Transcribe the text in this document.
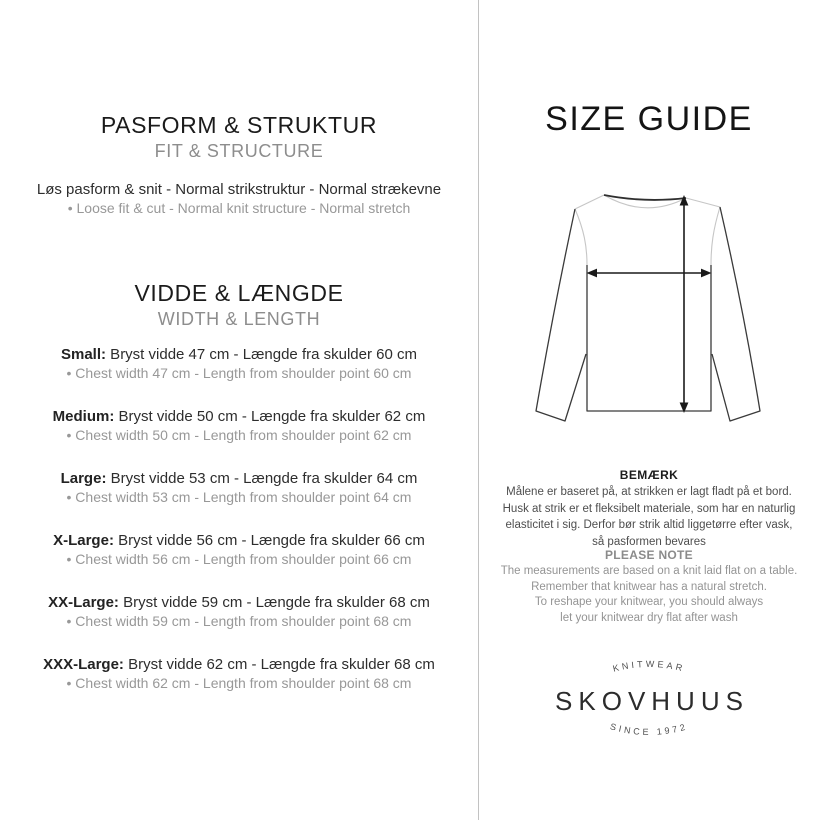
PASFORM & STRUKTUR
FIT & STRUCTURE
Løs pasform & snit - Normal strikstruktur - Normal strækevne
• Loose fit & cut - Normal knit structure - Normal stretch
VIDDE & LÆNGDE
WIDTH & LENGTH
Small: Bryst vidde 47 cm - Længde fra skulder 60 cm
• Chest width 47 cm - Length from shoulder point 60 cm
Medium: Bryst vidde 50 cm - Længde fra skulder 62 cm
• Chest width 50 cm - Length from shoulder point 62 cm
Large: Bryst vidde 53 cm - Længde fra skulder 64 cm
• Chest width 53 cm - Length from shoulder point 64 cm
X-Large: Bryst vidde 56 cm - Længde fra skulder 66 cm
• Chest width 56 cm - Length from shoulder point 66 cm
XX-Large: Bryst vidde 59 cm - Længde fra skulder 68 cm
• Chest width 59 cm - Length from shoulder point 68 cm
XXX-Large: Bryst vidde 62 cm - Længde fra skulder 68 cm
• Chest width 62 cm - Length from shoulder point 68 cm
SIZE GUIDE
BEMÆRK
Målene er baseret på, at strikken er lagt fladt på et bord.
Husk at strik er et fleksibelt materiale, som har en naturlig
elasticitet i sig. Derfor bør strik altid liggetørre efter vask,
så pasformen bevares
PLEASE NOTE
The measurements are based on a knit laid flat on a table.
Remember that knitwear has a natural stretch.
To reshape your knitwear, you should always
let your knitwear dry flat after wash
KNITWEAR
SKOVHUUS
SINCE 1972
